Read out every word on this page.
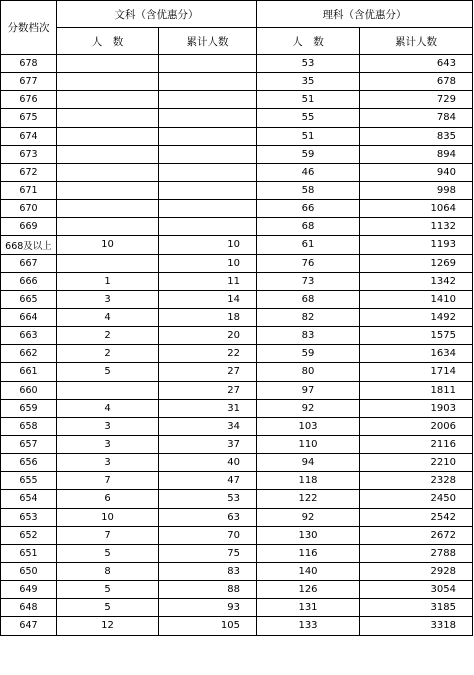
分数档次	文科（含优惠分）		理科（含优惠分）	
	人　数	累计人数	人　数	累计人数
678			53	643
677			35	678
676			51	729
675			55	784
674			51	835
673			59	894
672			46	940
671			58	998
670			66	1064
669			68	1132
668及以上	10	10	61	1193
667		10	76	1269
666	1	11	73	1342
665	3	14	68	1410
664	4	18	82	1492
663	2	20	83	1575
662	2	22	59	1634
661	5	27	80	1714
660		27	97	1811
659	4	31	92	1903
658	3	34	103	2006
657	3	37	110	2116
656	3	40	94	2210
655	7	47	118	2328
654	6	53	122	2450
653	10	63	92	2542
652	7	70	130	2672
651	5	75	116	2788
650	8	83	140	2928
649	5	88	126	3054
648	5	93	131	3185
647	12	105	133	3318
